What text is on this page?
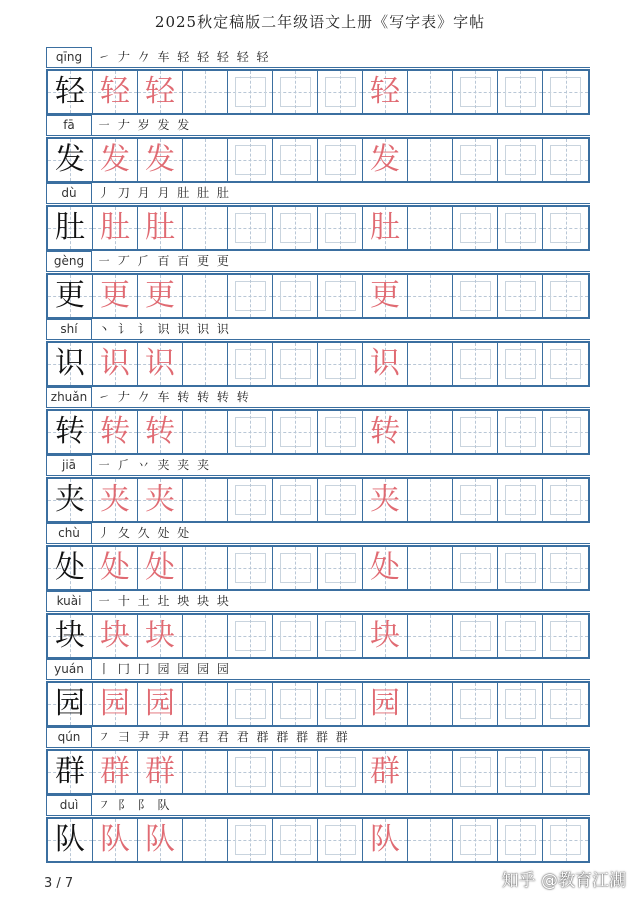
2025秋定稿版二年级语文上册《写字表》字帖
qīng	㇀ 𠂇 𠂊 车 轻 轻 轻 轻 轻
轻 轻 轻	轻
fā	㇐ 𠂇 岁 发 发
发 发 发	发
dù	丿 刀 月 月 肚 肚 肚
肚 肚 肚	肚
gèng	㇐ 丆 ⺁ 百 百 更 更
更 更 更	更
shí	丶 讠 讠 识 识 识 识
识 识 识	识
zhuǎn ㇀ 𠂇 𠂊 车 转 转 转 转
转 转 转	转
jiā	㇐ ⺁ 丷 夹 夹 夹
夹 夹 夹	夹
chù	丿 夂 久 处 处
处 处 处	处
kuài	㇐ 十 土 圵 坱 块 块
块 块 块	块
yuán	丨 冂 冂 园 园 园 园
园 园 园	园
qún	㇇ ⺕ 尹 尹 君 君 君 君 群 群 群 群 群
群 群 群	群
duì	㇇ 阝 阝 队
队 队 队	队
3 / 7	知乎 @教育江湖
